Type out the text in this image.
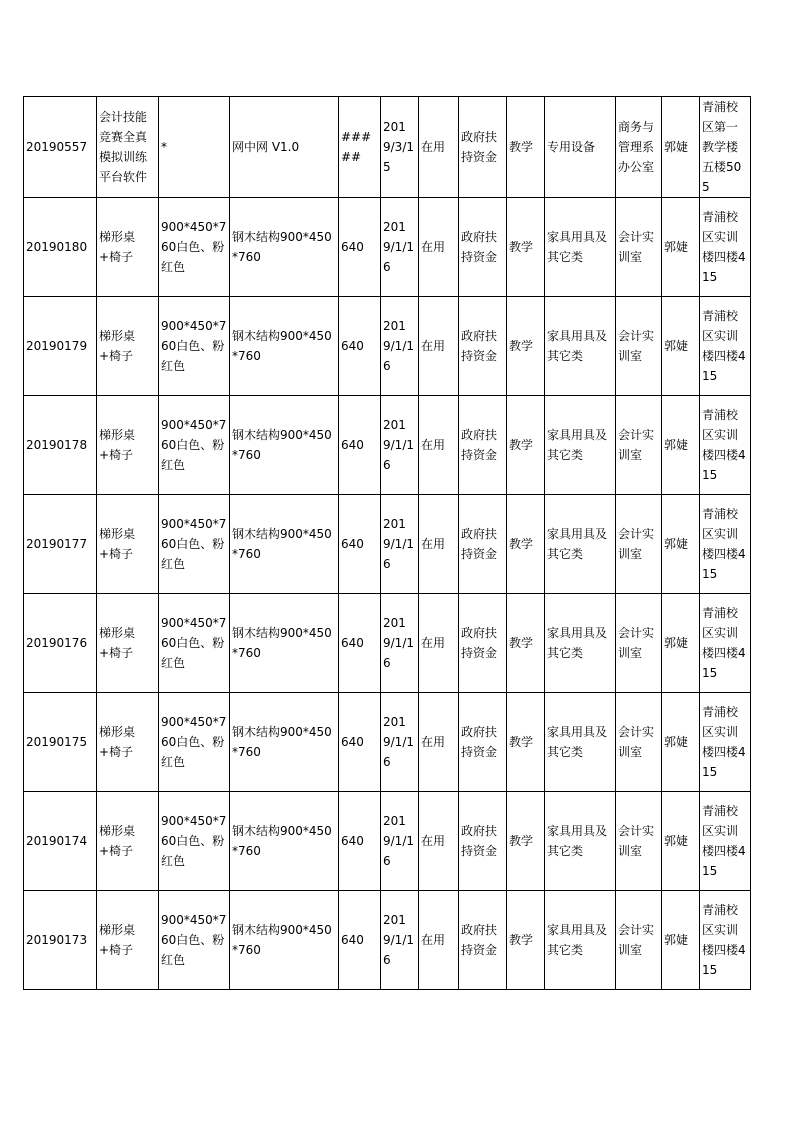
20190557	会计技能竞赛全真模拟训练平台软件	*	网中网 V1.0	#####	2019/3/15	在用	政府扶持资金	教学	专用设备	商务与管理系办公室	郭婕	青浦校区第一教学楼五楼505
20190180	梯形桌+椅子	900*450*760白色、粉红色	钢木结构900*450*760	640	2019/1/16	在用	政府扶持资金	教学	家具用具及其它类	会计实训室	郭婕	青浦校区实训楼四楼415
20190179	梯形桌+椅子	900*450*760白色、粉红色	钢木结构900*450*760	640	2019/1/16	在用	政府扶持资金	教学	家具用具及其它类	会计实训室	郭婕	青浦校区实训楼四楼415
20190178	梯形桌+椅子	900*450*760白色、粉红色	钢木结构900*450*760	640	2019/1/16	在用	政府扶持资金	教学	家具用具及其它类	会计实训室	郭婕	青浦校区实训楼四楼415
20190177	梯形桌+椅子	900*450*760白色、粉红色	钢木结构900*450*760	640	2019/1/16	在用	政府扶持资金	教学	家具用具及其它类	会计实训室	郭婕	青浦校区实训楼四楼415
20190176	梯形桌+椅子	900*450*760白色、粉红色	钢木结构900*450*760	640	2019/1/16	在用	政府扶持资金	教学	家具用具及其它类	会计实训室	郭婕	青浦校区实训楼四楼415
20190175	梯形桌+椅子	900*450*760白色、粉红色	钢木结构900*450*760	640	2019/1/16	在用	政府扶持资金	教学	家具用具及其它类	会计实训室	郭婕	青浦校区实训楼四楼415
20190174	梯形桌+椅子	900*450*760白色、粉红色	钢木结构900*450*760	640	2019/1/16	在用	政府扶持资金	教学	家具用具及其它类	会计实训室	郭婕	青浦校区实训楼四楼415
20190173	梯形桌+椅子	900*450*760白色、粉红色	钢木结构900*450*760	640	2019/1/16	在用	政府扶持资金	教学	家具用具及其它类	会计实训室	郭婕	青浦校区实训楼四楼415
